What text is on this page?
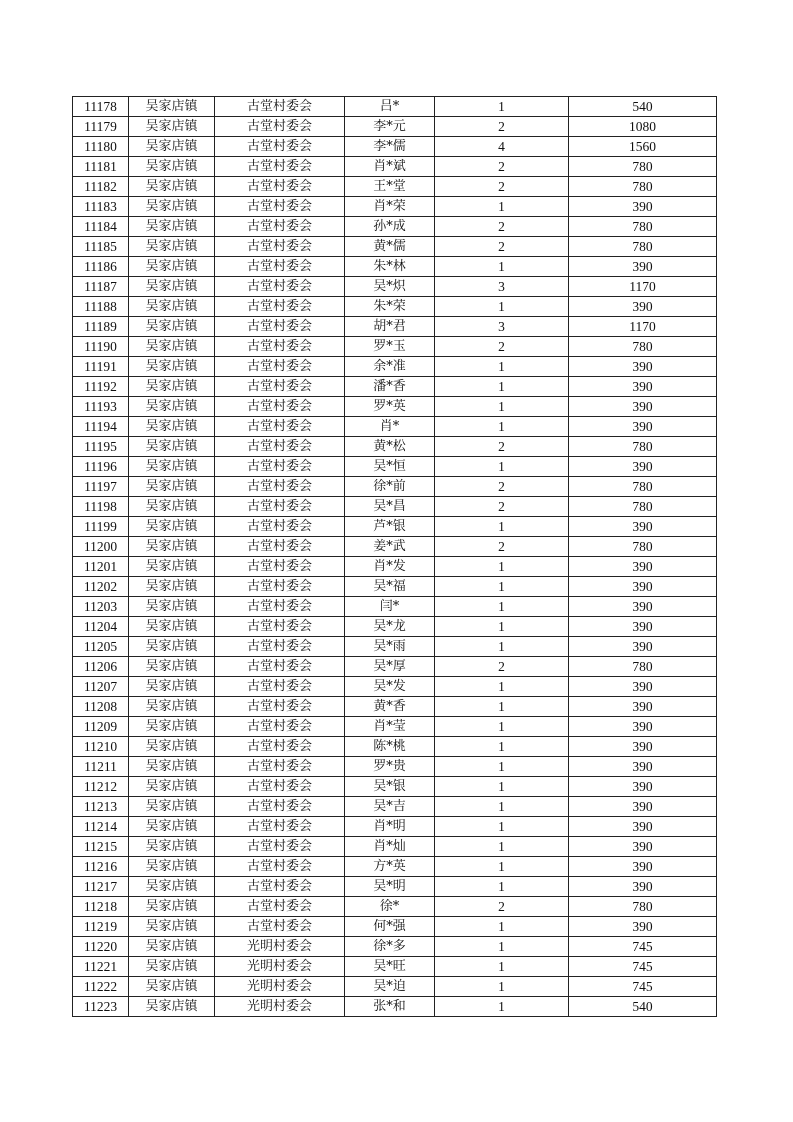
11178	吴家店镇	古堂村委会	吕*	1	540
11179	吴家店镇	古堂村委会	李*元	2	1080
11180	吴家店镇	古堂村委会	李*儒	4	1560
11181	吴家店镇	古堂村委会	肖*斌	2	780
11182	吴家店镇	古堂村委会	王*堂	2	780
11183	吴家店镇	古堂村委会	肖*荣	1	390
11184	吴家店镇	古堂村委会	孙*成	2	780
11185	吴家店镇	古堂村委会	黄*儒	2	780
11186	吴家店镇	古堂村委会	朱*林	1	390
11187	吴家店镇	古堂村委会	吴*炽	3	1170
11188	吴家店镇	古堂村委会	朱*荣	1	390
11189	吴家店镇	古堂村委会	胡*君	3	1170
11190	吴家店镇	古堂村委会	罗*玉	2	780
11191	吴家店镇	古堂村委会	余*准	1	390
11192	吴家店镇	古堂村委会	潘*香	1	390
11193	吴家店镇	古堂村委会	罗*英	1	390
11194	吴家店镇	古堂村委会	肖*	1	390
11195	吴家店镇	古堂村委会	黄*松	2	780
11196	吴家店镇	古堂村委会	吴*恒	1	390
11197	吴家店镇	古堂村委会	徐*前	2	780
11198	吴家店镇	古堂村委会	吴*昌	2	780
11199	吴家店镇	古堂村委会	芦*银	1	390
11200	吴家店镇	古堂村委会	姜*武	2	780
11201	吴家店镇	古堂村委会	肖*发	1	390
11202	吴家店镇	古堂村委会	吴*福	1	390
11203	吴家店镇	古堂村委会	闫*	1	390
11204	吴家店镇	古堂村委会	吴*龙	1	390
11205	吴家店镇	古堂村委会	吴*雨	1	390
11206	吴家店镇	古堂村委会	吴*厚	2	780
11207	吴家店镇	古堂村委会	吴*发	1	390
11208	吴家店镇	古堂村委会	黄*香	1	390
11209	吴家店镇	古堂村委会	肖*莹	1	390
11210	吴家店镇	古堂村委会	陈*桃	1	390
11211	吴家店镇	古堂村委会	罗*贵	1	390
11212	吴家店镇	古堂村委会	吴*银	1	390
11213	吴家店镇	古堂村委会	吴*吉	1	390
11214	吴家店镇	古堂村委会	肖*明	1	390
11215	吴家店镇	古堂村委会	肖*灿	1	390
11216	吴家店镇	古堂村委会	方*英	1	390
11217	吴家店镇	古堂村委会	吴*明	1	390
11218	吴家店镇	古堂村委会	徐*	2	780
11219	吴家店镇	古堂村委会	何*强	1	390
11220	吴家店镇	光明村委会	徐*多	1	745
11221	吴家店镇	光明村委会	吴*旺	1	745
11222	吴家店镇	光明村委会	吴*迫	1	745
11223	吴家店镇	光明村委会	张*和	1	540
